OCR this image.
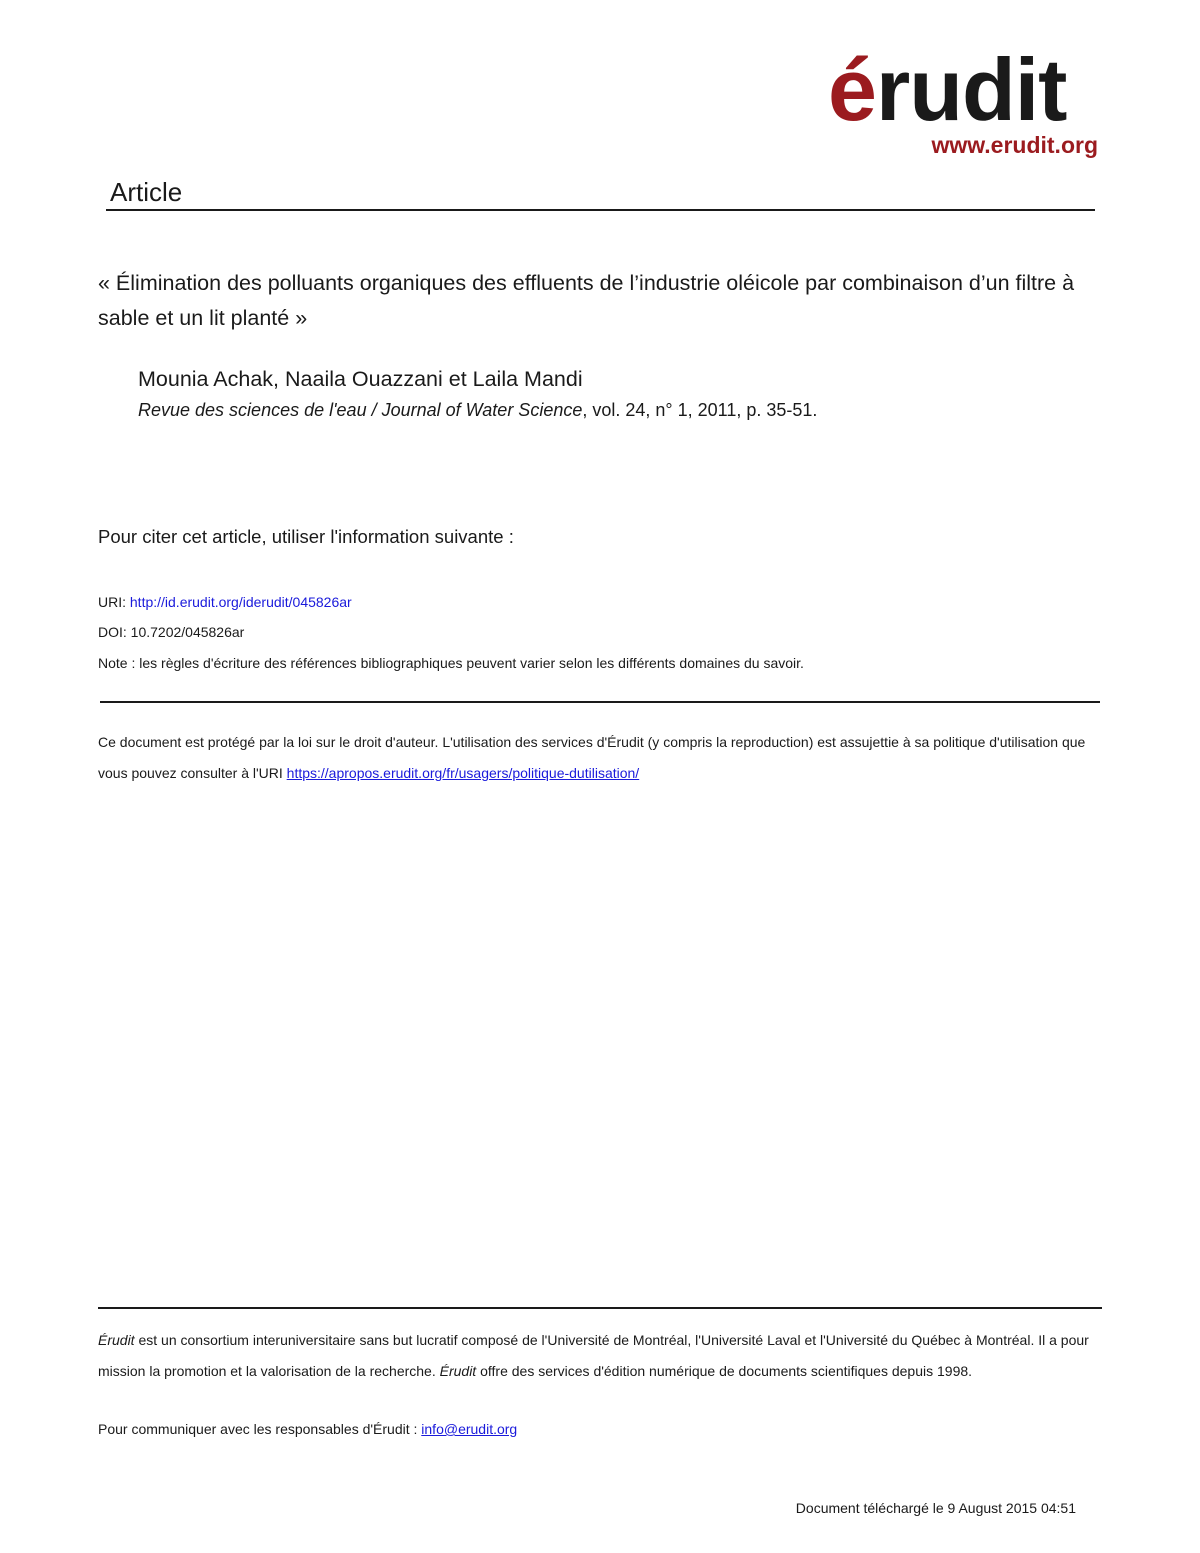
érudit
www.erudit.org
Article
« Élimination des polluants organiques des effluents de l’industrie oléicole par combinaison d’un filtre à sable et un lit planté »
Mounia Achak, Naaila Ouazzani et Laila Mandi
Revue des sciences de l'eau / Journal of Water Science, vol. 24, n° 1, 2011, p. 35-51.
Pour citer cet article, utiliser l'information suivante :
URI: http://id.erudit.org/iderudit/045826ar
DOI: 10.7202/045826ar
Note : les règles d'écriture des références bibliographiques peuvent varier selon les différents domaines du savoir.
Ce document est protégé par la loi sur le droit d'auteur. L'utilisation des services d'Érudit (y compris la reproduction) est assujettie à sa politique d'utilisation que vous pouvez consulter à l'URI https://apropos.erudit.org/fr/usagers/politique-dutilisation/
Érudit est un consortium interuniversitaire sans but lucratif composé de l'Université de Montréal, l'Université Laval et l'Université du Québec à Montréal. Il a pour mission la promotion et la valorisation de la recherche. Érudit offre des services d'édition numérique de documents scientifiques depuis 1998.
Pour communiquer avec les responsables d'Érudit : info@erudit.org
Document téléchargé le 9 August 2015 04:51
